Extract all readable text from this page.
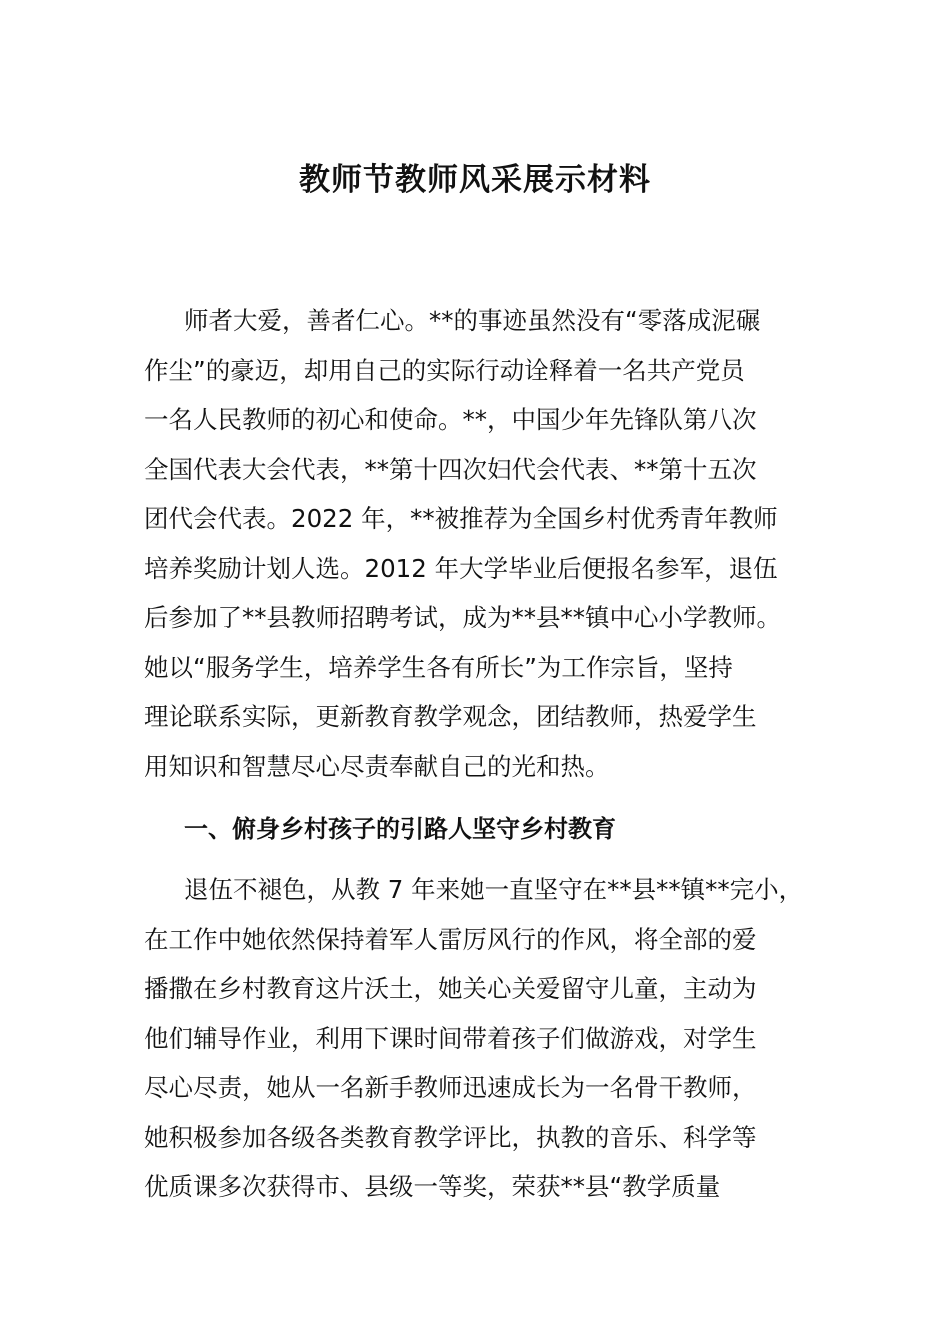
教师节教师风采展示材料
师者大爱，善者仁心。**的事迹虽然没有“零落成泥碾
作尘”的豪迈，却用自己的实际行动诠释着一名共产党员
一名人民教师的初心和使命。**，中国少年先锋队第八次
全国代表大会代表，**第十四次妇代会代表、**第十五次
团代会代表。2022 年，**被推荐为全国乡村优秀青年教师
培养奖励计划人选。2012 年大学毕业后便报名参军，退伍
后参加了**县教师招聘考试，成为**县**镇中心小学教师。
她以“服务学生，培养学生各有所长”为工作宗旨，坚持
理论联系实际，更新教育教学观念，团结教师，热爱学生
用知识和智慧尽心尽责奉献自己的光和热。
一、俯身乡村孩子的引路人坚守乡村教育
退伍不褪色，从教 7 年来她一直坚守在**县**镇**完小，
在工作中她依然保持着军人雷厉风行的作风，将全部的爱
播撒在乡村教育这片沃土，她关心关爱留守儿童，主动为
他们辅导作业，利用下课时间带着孩子们做游戏，对学生
尽心尽责，她从一名新手教师迅速成长为一名骨干教师，
她积极参加各级各类教育教学评比，执教的音乐、科学等
优质课多次获得市、县级一等奖，荣获**县“教学质量
